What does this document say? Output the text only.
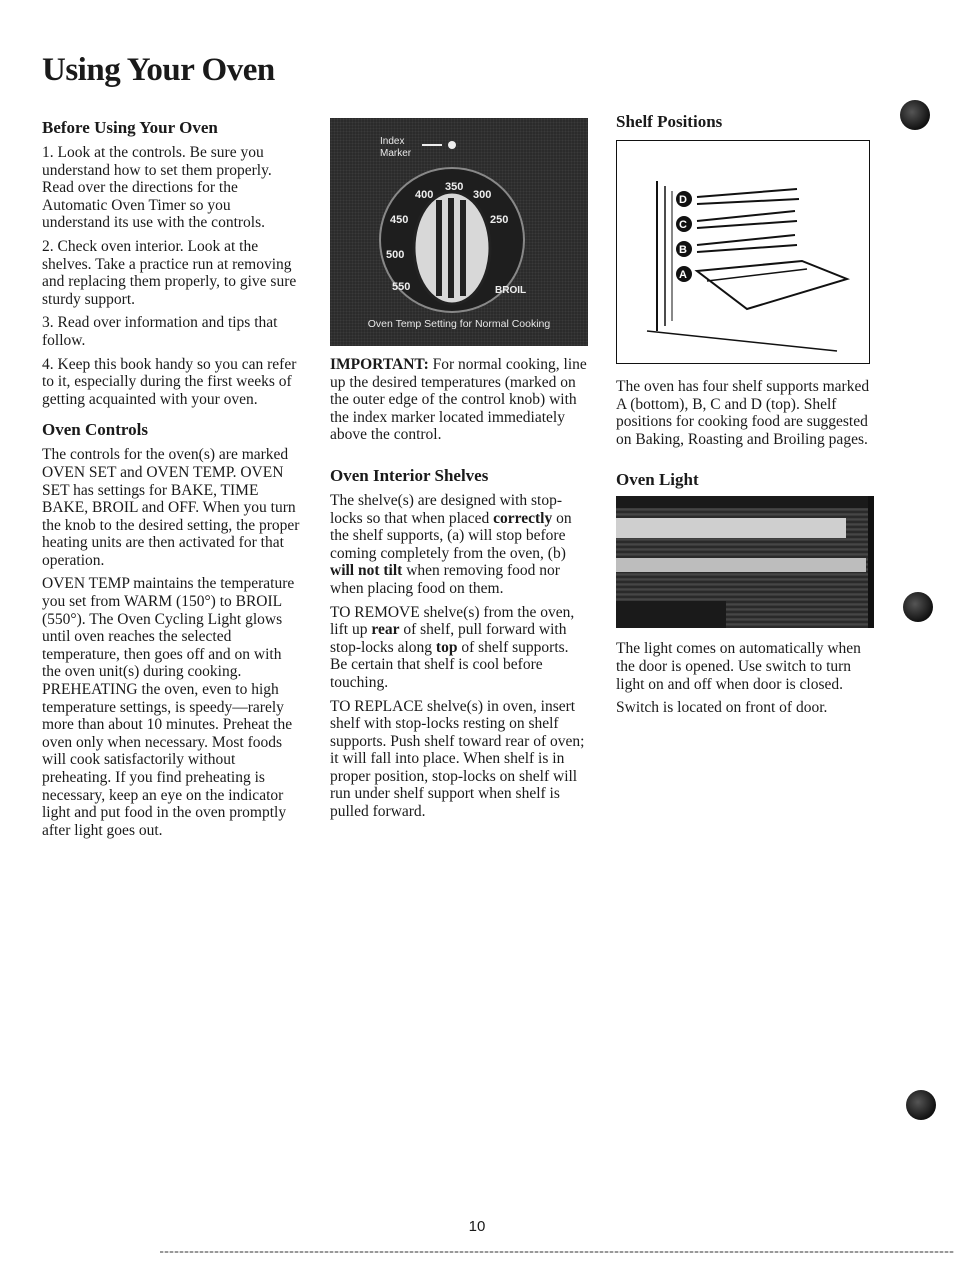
Using Your Oven
Before Using Your Oven

1. Look at the controls. Be sure you understand how to set them properly. Read over the directions for the Automatic Oven Timer so you understand its use with the controls.

2. Check oven interior. Look at the shelves. Take a practice run at removing and replacing them properly, to give sure sturdy support.

3. Read over information and tips that follow.

4. Keep this book handy so you can refer to it, especially during the first weeks of getting acquainted with your oven.

Oven Controls

The controls for the oven(s) are marked OVEN SET and OVEN TEMP. OVEN SET has settings for BAKE, TIME BAKE, BROIL and OFF. When you turn the knob to the desired setting, the proper heating units are then activated for that operation.

OVEN TEMP maintains the temperature you set from WARM (150°) to BROIL (550°). The Oven Cycling Light glows until oven reaches the selected temperature, then goes off and on with the oven unit(s) during cooking. PREHEATING the oven, even to high temperature settings, is speedy—rarely more than about 10 minutes. Preheat the oven only when necessary. Most foods will cook satisfactorily without preheating. If you find preheating is necessary, keep an eye on the indicator light and put food in the oven promptly after light goes out.

Index
Marker
350
300
250
400
450
500
550	BROIL
Oven Temp Setting for Normal Cooking

IMPORTANT: For normal cooking, line up the desired temperatures (marked on the outer edge of the control knob) with the index marker located immediately above the control.

Oven Interior Shelves

The shelve(s) are designed with stop-locks so that when placed correctly on the shelf supports, (a) will stop before coming completely from the oven, (b) will not tilt when removing food nor when placing food on them.

TO REMOVE shelve(s) from the oven, lift up rear of shelf, pull forward with stop-locks along top of shelf supports. Be certain that shelf is cool before touching.

TO REPLACE shelve(s) in oven, insert shelf with stop-locks resting on shelf supports. Push shelf toward rear of oven; it will fall into place. When shelf is in proper position, stop-locks on shelf will run under shelf support when shelf is pulled forward.

Shelf Positions
D
C
B
A

The oven has four shelf supports marked A (bottom), B, C and D (top). Shelf positions for cooking food are suggested on Baking, Roasting and Broiling pages.

Oven Light

The light comes on automatically when the door is opened. Use switch to turn light on and off when door is closed.

Switch is located on front of door.

10
